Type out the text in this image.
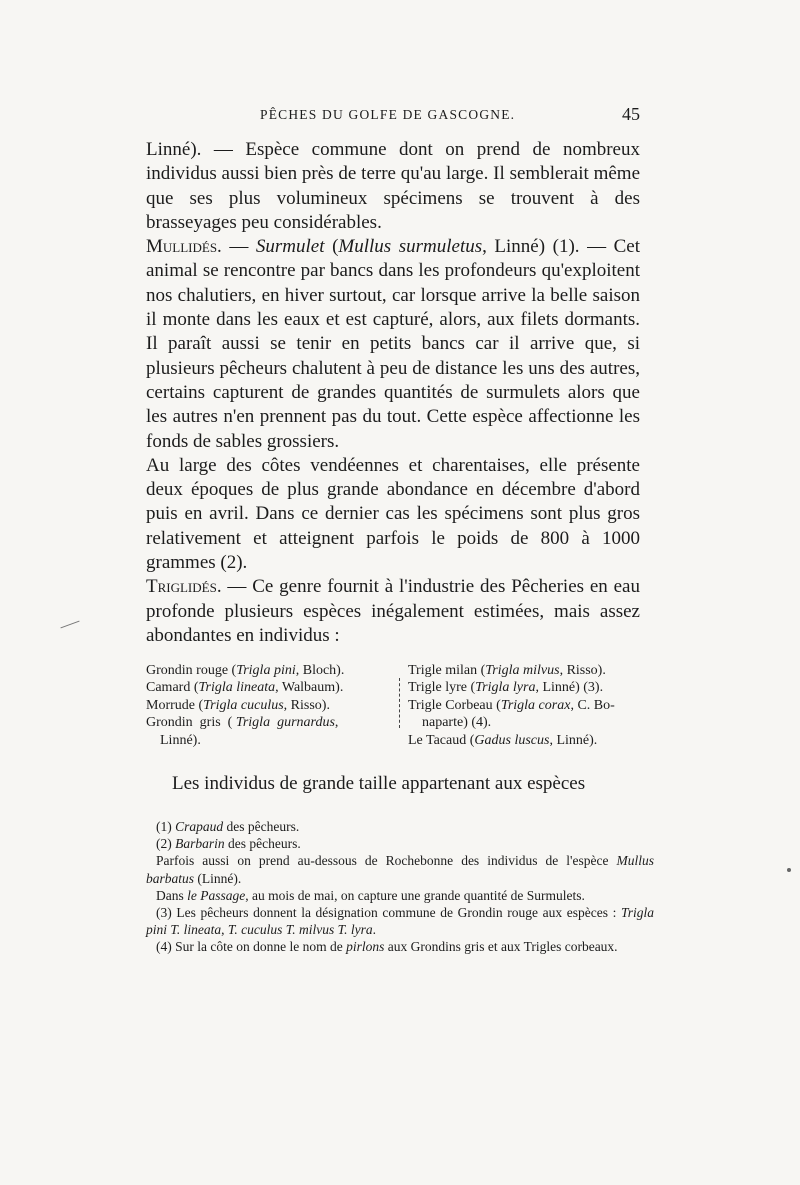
PÊCHES DU GOLFE DE GASCOGNE.	45

Linné). — Espèce commune dont on prend de nombreux individus aussi bien près de terre qu'au large. Il semblerait même que ses plus volumineux spécimens se trouvent à des brasseyages peu considérables.

Mullidés. — Surmulet (Mullus surmuletus, Linné) (1). — Cet animal se rencontre par bancs dans les profondeurs qu'exploitent nos chalutiers, en hiver surtout, car lorsque arrive la belle saison il monte dans les eaux et est capturé, alors, aux filets dormants. Il paraît aussi se tenir en petits bancs car il arrive que, si plusieurs pêcheurs chalutent à peu de distance les uns des autres, certains capturent de grandes quantités de surmulets alors que les autres n'en prennent pas du tout. Cette espèce affectionne les fonds de sables grossiers.

Au large des côtes vendéennes et charentaises, elle présente deux époques de plus grande abondance en décembre d'abord puis en avril. Dans ce dernier cas les spécimens sont plus gros relativement et atteignent parfois le poids de 800 à 1000 grammes (2).

Triglidés. — Ce genre fournit à l'industrie des Pêcheries en eau profonde plusieurs espèces inégalement estimées, mais assez abondantes en individus :

Grondin rouge (Trigla pini, Bloch).
Camard (Trigla lineata, Walbaum).
Morrude (Trigla cuculus, Risso).
Grondin  gris  ( Trigla  gurnardus,
Linné).
Trigle milan (Trigla milvus, Risso).
Trigle lyre (Trigla lyra, Linné) (3).
Trigle Corbeau (Trigla corax, C. Bo-
naparte) (4).
Le Tacaud (Gadus luscus, Linné).
Les individus de grande taille appartenant aux espèces

(1) Crapaud des pêcheurs.

(2) Barbarin des pêcheurs.

Parfois aussi on prend au-dessous de Rochebonne des individus de l'espèce Mullus barbatus (Linné).

Dans le Passage, au mois de mai, on capture une grande quantité de Surmulets.

(3) Les pêcheurs donnent la désignation commune de Grondin rouge aux espèces : Trigla pini T. lineata, T. cuculus T. milvus T. lyra.

(4) Sur la côte on donne le nom de pirlons aux Grondins gris et aux Trigles corbeaux.
